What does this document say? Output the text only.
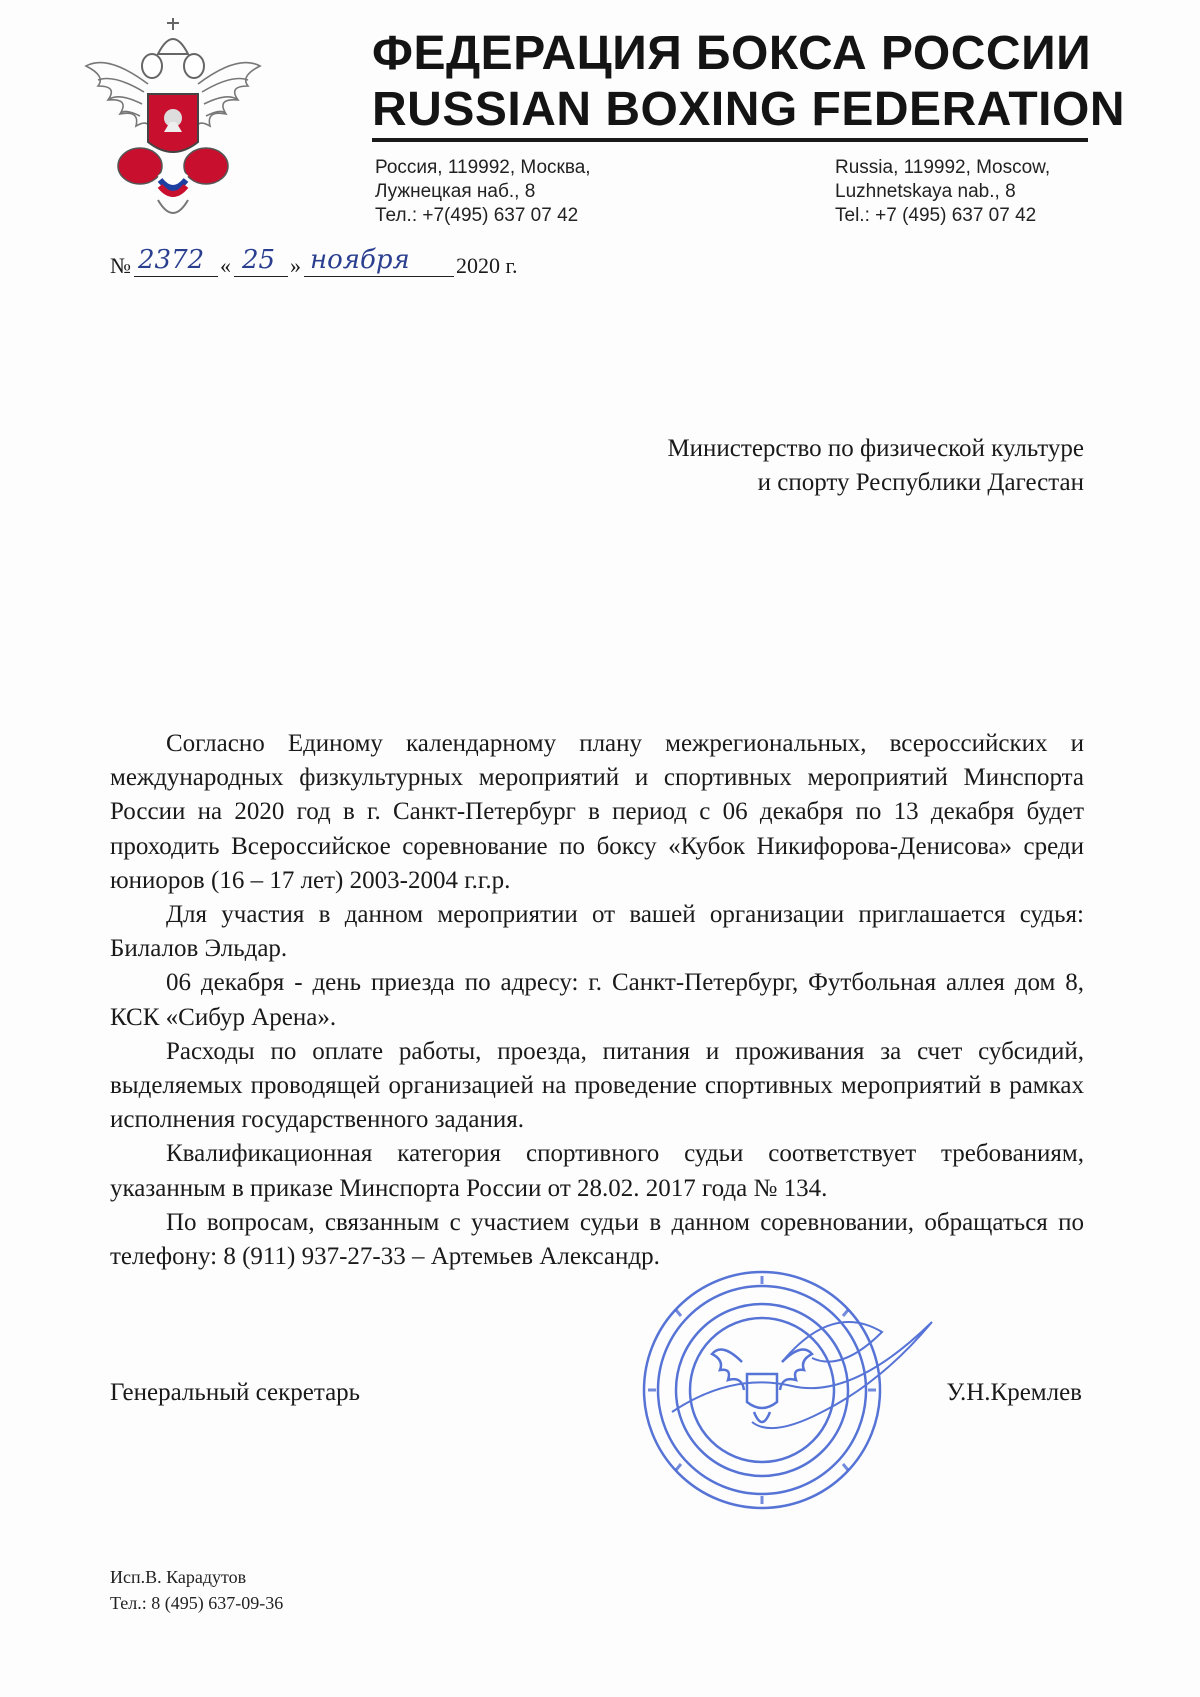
ФЕДЕРАЦИЯ БОКСА РОССИИ
RUSSIAN BOXING FEDERATION
Россия, 119992, Москва,
Лужнецкая наб., 8
Тел.: +7(495) 637 07 42
Russia, 119992, Moscow,
Luzhnetskaya nab., 8
Tel.: +7 (495) 637 07 42
№ 2372 « 25 » ноября 2020 г.
Министерство по физической культуре
и спорту Республики Дагестан

Согласно Единому календарному плану межрегиональных, всероссийских и международных физкультурных мероприятий и спортивных мероприятий Минспорта России на 2020 год в г. Санкт-Петербург в период с 06 декабря по 13 декабря будет проходить Всероссийское соревнование по боксу «Кубок Никифорова-Денисова» среди юниоров (16 – 17 лет) 2003-2004 г.г.р.

Для участия в данном мероприятии от вашей организации приглашается судья: Билалов Эльдар.

06 декабря - день приезда по адресу: г. Санкт-Петербург, Футбольная аллея дом 8, КСК «Сибур Арена».

Расходы по оплате работы, проезда, питания и проживания за счет субсидий, выделяемых проводящей организацией на проведение спортивных мероприятий в рамках исполнения государственного задания.

Квалификационная категория спортивного судьи соответствует требованиям, указанным в приказе Минспорта России от 28.02. 2017 года № 134.

По вопросам, связанным с участием судьи в данном соревновании, обращаться по телефону: 8 (911) 937-27-33 – Артемьев Александр.

Генеральный секретарь	У.Н.Кремлев
Исп.В. Карадутов
Тел.: 8 (495) 637-09-36
